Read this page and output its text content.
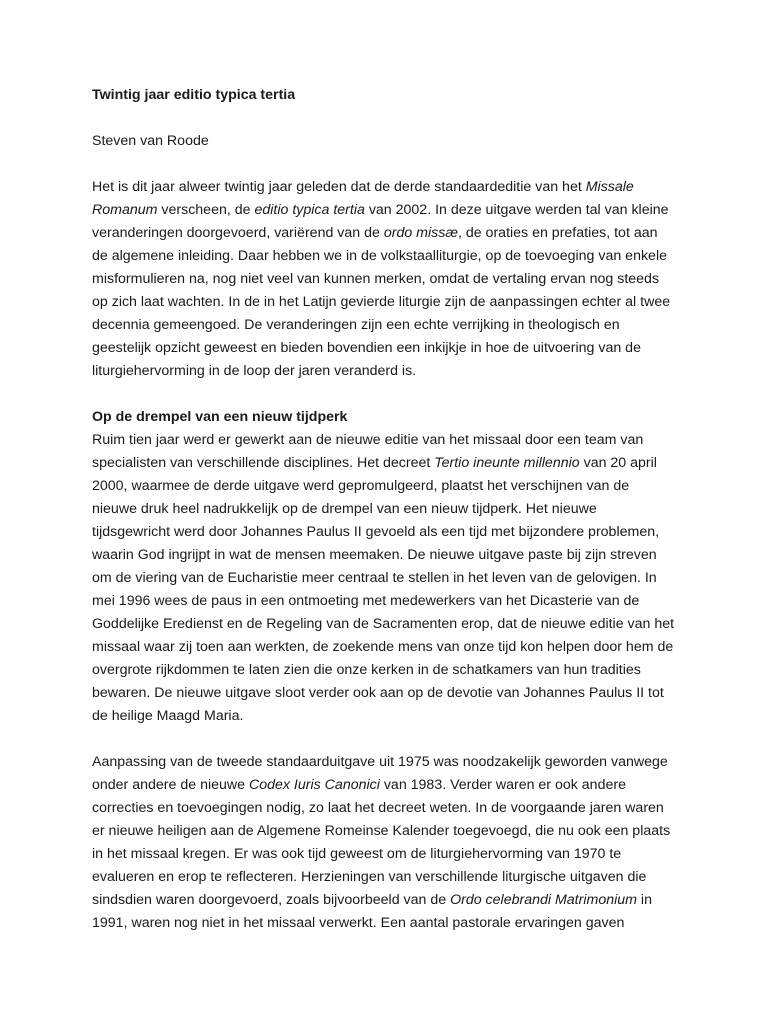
Twintig jaar editio typica tertia

Steven van Roode

Het is dit jaar alweer twintig jaar geleden dat de derde standaardeditie van het Missale
Romanum verscheen, de editio typica tertia van 2002. In deze uitgave werden tal van kleine
veranderingen doorgevoerd, variërend van de ordo missæ, de oraties en prefaties, tot aan
de algemene inleiding. Daar hebben we in de volkstaalliturgie, op de toevoeging van enkele
misformulieren na, nog niet veel van kunnen merken, omdat de vertaling ervan nog steeds
op zich laat wachten. In de in het Latijn gevierde liturgie zijn de aanpassingen echter al twee
decennia gemeengoed. De veranderingen zijn een echte verrijking in theologisch en
geestelijk opzicht geweest en bieden bovendien een inkijkje in hoe de uitvoering van de
liturgiehervorming in de loop der jaren veranderd is.
Op de drempel van een nieuw tijdperk
Ruim tien jaar werd er gewerkt aan de nieuwe editie van het missaal door een team van
specialisten van verschillende disciplines. Het decreet Tertio ineunte millennio van 20 april
2000, waarmee de derde uitgave werd gepromulgeerd, plaatst het verschijnen van de
nieuwe druk heel nadrukkelijk op de drempel van een nieuw tijdperk. Het nieuwe
tijdsgewricht werd door Johannes Paulus II gevoeld als een tijd met bijzondere problemen,
waarin God ingrijpt in wat de mensen meemaken. De nieuwe uitgave paste bij zijn streven
om de viering van de Eucharistie meer centraal te stellen in het leven van de gelovigen. In
mei 1996 wees de paus in een ontmoeting met medewerkers van het Dicasterie van de
Goddelijke Eredienst en de Regeling van de Sacramenten erop, dat de nieuwe editie van het
missaal waar zij toen aan werkten, de zoekende mens van onze tijd kon helpen door hem de
overgrote rijkdommen te laten zien die onze kerken in de schatkamers van hun tradities
bewaren. De nieuwe uitgave sloot verder ook aan op de devotie van Johannes Paulus II tot
de heilige Maagd Maria.
Aanpassing van de tweede standaarduitgave uit 1975 was noodzakelijk geworden vanwege
onder andere de nieuwe Codex Iuris Canonici van 1983. Verder waren er ook andere
correcties en toevoegingen nodig, zo laat het decreet weten. In de voorgaande jaren waren
er nieuwe heiligen aan de Algemene Romeinse Kalender toegevoegd, die nu ook een plaats
in het missaal kregen. Er was ook tijd geweest om de liturgiehervorming van 1970 te
evalueren en erop te reflecteren. Herzieningen van verschillende liturgische uitgaven die
sindsdien waren doorgevoerd, zoals bijvoorbeeld van de Ordo celebrandi Matrimonium in
1991, waren nog niet in het missaal verwerkt. Een aantal pastorale ervaringen gaven
